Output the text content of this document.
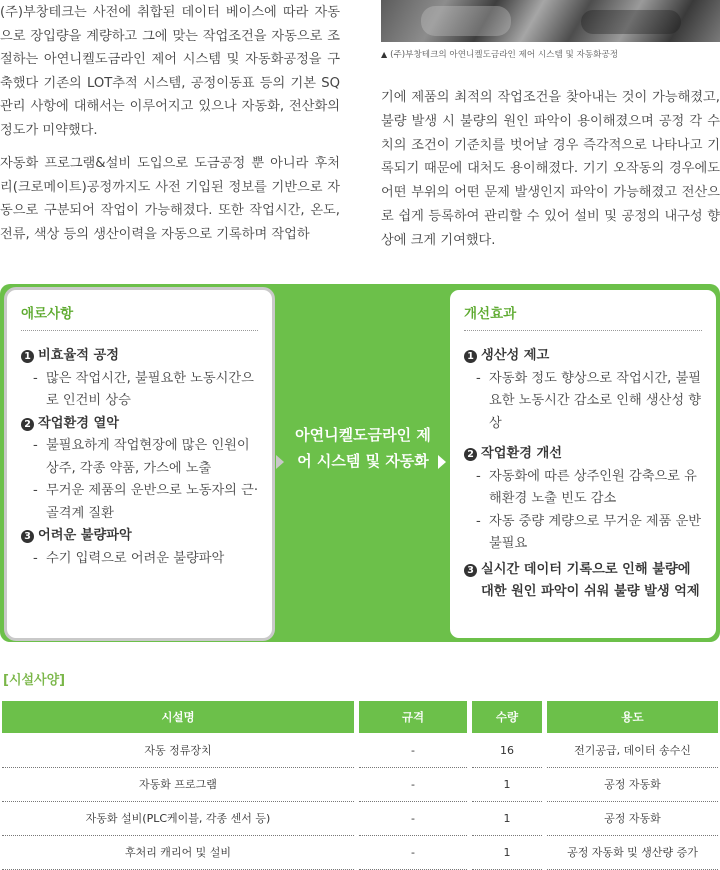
(주)부창테크는 사전에 취합된 데이터 베이스에 따라 자동으로 장입량을 계량하고 그에 맞는 작업조건을 자동으로 조절하는 아연니켈도금라인 제어 시스템 및 자동화공정을 구축했다 기존의 LOT추적 시스템, 공정이동표 등의 기본 SQ관리 사항에 대해서는 이루어지고 있으나 자동화, 전산화의 정도가 미약했다.

자동화 프로그램&설비 도입으로 도금공정 뿐 아니라 후처리(크로메이트)공정까지도 사전 기입된 정보를 기반으로 자동으로 구분되어 작업이 가능해졌다. 또한 작업시간, 온도, 전류, 색상 등의 생산이력을 자동으로 기록하며 작업하

▲ (주)부창테크의 아연니켈도금라인 제어 시스템 및 자동화공정

기에 제품의 최적의 작업조건을 찾아내는 것이 가능해졌고, 불량 발생 시 불량의 원인 파악이 용이해졌으며 공정 각 수치의 조건이 기준치를 벗어날 경우 즉각적으로 나타나고 기록되기 때문에 대처도 용이해졌다. 기기 오작동의 경우에도 어떤 부위의 어떤 문제 발생인지 파악이 가능해졌고 전산으로 쉽게 등록하여 관리할 수 있어 설비 및 공정의 내구성 향상에 크게 기여했다.

애로사항
1 비효율적 공정
- 많은 작업시간, 불필요한 노동시간으로 인건비 상승
2 작업환경 열악
- 불필요하게 작업현장에 많은 인원이 상주, 각종 약품, 가스에 노출
- 무거운 제품의 운반으로 노동자의 근·골격계 질환
3 어려운 불량파악
- 수기 입력으로 어려운 불량파악
아연니켈도금라인 제어 시스템 및 자동화
개선효과
1 생산성 제고
- 자동화 정도 향상으로 작업시간, 불필요한 노동시간 감소로 인해 생산성 향상
2 작업환경 개선
- 자동화에 따른 상주인원 감축으로 유해환경 노출 빈도 감소
- 자동 중량 계량으로 무거운 제품 운반 불필요
3 실시간 데이터 기록으로 인해 불량에 대한 원인 파악이 쉬워 불량 발생 억제
[시설사양]
시설명	규격	수량	용도
자동 정류장치	-	16	전기공급, 데이터 송수신
자동화 프로그램	-	1	공정 자동화
자동화 설비(PLC케이블, 각종 센서 등)	-	1	공정 자동화
후처리 캐리어 및 설비	-	1	공정 자동화 및 생산량 증가
